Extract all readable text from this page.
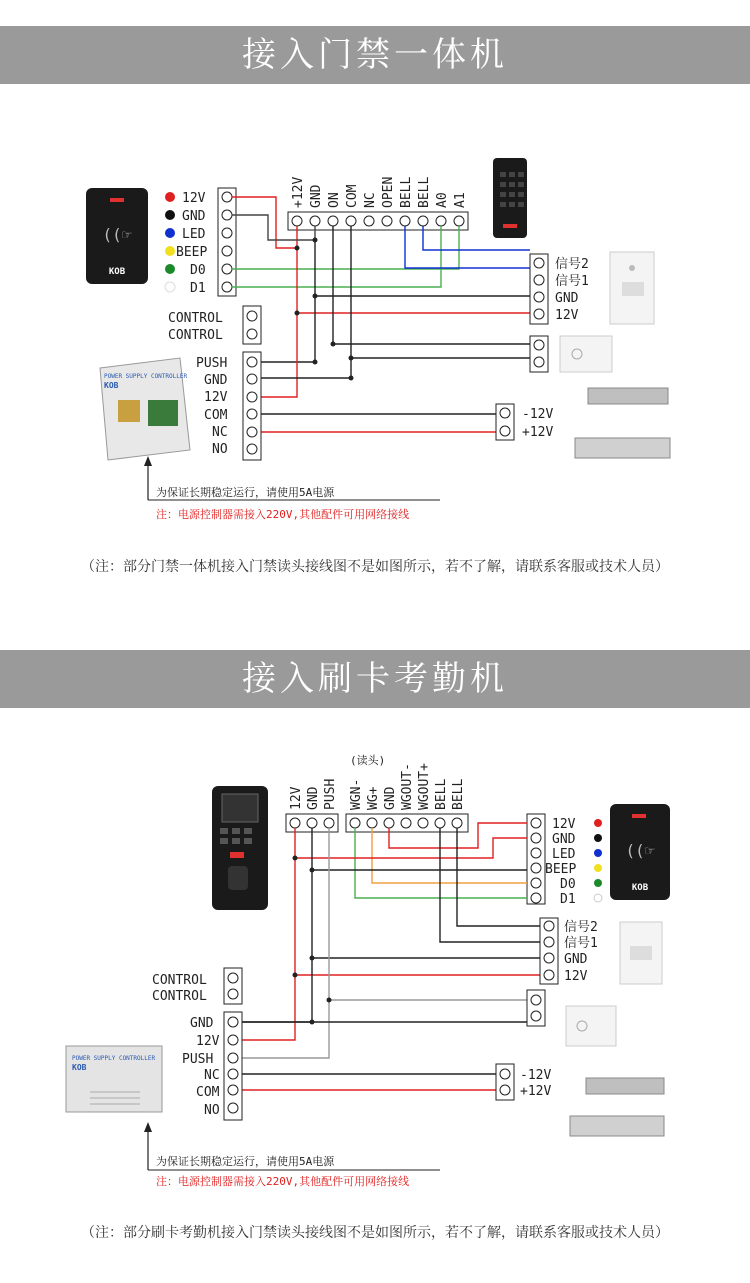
接入门禁一体机
((☞
KOB
12V
GND
LED
BEEP
D0
D1
+12V GND ON COM NC OPEN BELL BELL A0 A1
信号2
信号1
GND
12V
CONTROL
CONTROL
PUSH
GND
12V
COM
NC
NO
POWER SUPPLY CONTROLLER
KOB
-12V
+12V
为保证长期稳定运行，请使用5A电源
注：电源控制器需接入220V,其他配件可用网络接线
（注：部分门禁一体机接入门禁读头接线图不是如图所示，若不了解，请联系客服或技术人员）
接入刷卡考勤机
(读头)
12V GND PUSH WGN- WG+ GND WGOUT- WGOUT+ BELL BELL
12V
GND
LED
BEEP
D0
D1
((☞
KOB
信号2
信号1
GND
12V
CONTROL
CONTROL
GND
12V
PUSH
NC
COM
NO
POWER SUPPLY CONTROLLER
KOB
-12V
+12V
为保证长期稳定运行，请使用5A电源
注：电源控制器需接入220V,其他配件可用网络接线
（注：部分刷卡考勤机接入门禁读头接线图不是如图所示，若不了解，请联系客服或技术人员）
